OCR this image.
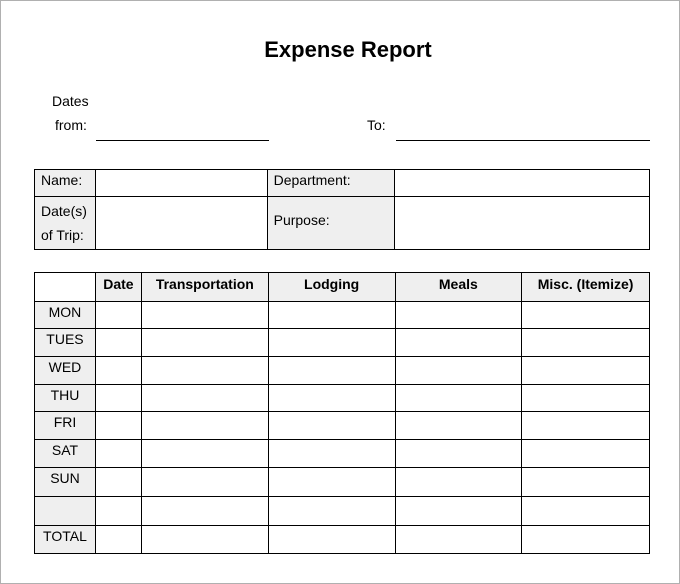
Expense Report
Dates
from:	To:
Name:		Department:	

Date(s)
of Trip:		Purpose:	
	Date	Transportation	Lodging	Meals	Misc. (Itemize)
MON					
TUES					
WED					
THU					
FRI					
SAT					
SUN					

TOTAL					
